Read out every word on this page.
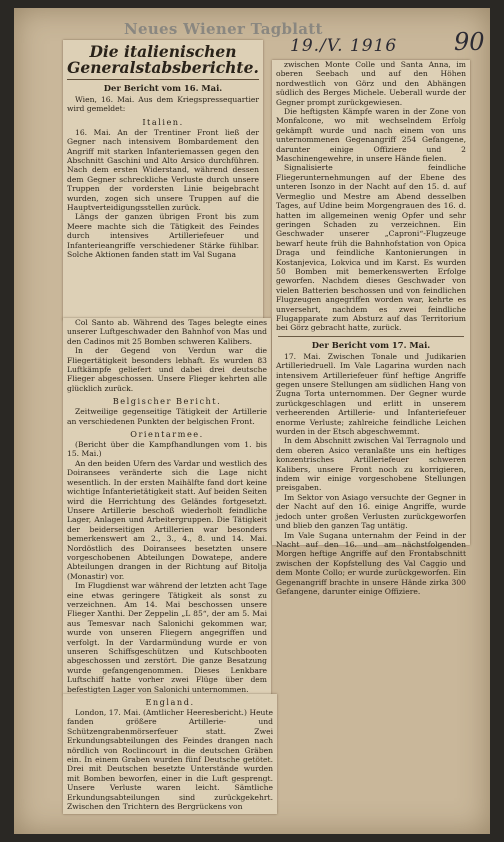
Neues Wiener Tagblatt
19./V. 1916 90
Die italienischen Generalstabsberichte.
Der Bericht vom 16. Mai.

Wien, 16. Mai. Aus dem Kriegspressequartier wird gemeldet:

Italien.

16. Mai. An der Trentiner Front ließ der Gegner nach intensivem Bombardement den Angriff mit starken Infanteriemassen gegen den Abschnitt Gaschini und Alto Arsico durchführen. Nach dem ersten Widerstand, während dessen dem Gegner schreckliche Verluste durch unsere Truppen der vordersten Linie beigebracht wurden, zogen sich unsere Truppen auf die Hauptverteidigungsstellen zurück.

Längs der ganzen übrigen Front bis zum Meere machte sich die Tätigkeit des Feindes durch intensives Artilleriefeuer und Infanterieangriffe verschiedener Stärke fühlbar. Solche Aktionen fanden statt im Val Sugana

Col Santo ab. Während des Tages belegte eines unserer Luftgeschwader den Bahnhof von Mas und den Cadinos mit 25 Bomben schweren Kalibers.

In der Gegend von Verdun war die Fliegertätigkeit besonders lebhaft. Es wurden 83 Luftkämpfe geliefert und dabei drei deutsche Flieger abgeschossen. Unsere Flieger kehrten alle glücklich zurück.

Belgischer Bericht.

Zeitweilige gegenseitige Tätigkeit der Artillerie an verschiedenen Punkten der belgischen Front.

Orientarmee.

(Bericht über die Kampfhandlungen vom 1. bis 15. Mai.)

An den beiden Ufern des Vardar und westlich des Doiransees veränderte sich die Lage nicht wesentlich. In der ersten Maihälfte fand dort keine wichtige Infanterietätigkeit statt. Auf beiden Seiten wird die Herrichtung des Geländes fortgesetzt. Unsere Artillerie beschoß wiederholt feindliche Lager, Anlagen und Arbeitergruppen. Die Tätigkeit der beiderseitigen Artillerien war besonders bemerkenswert am 2., 3., 4., 8. und 14. Mai. Nordöstlich des Doiransees besetzten unsere vorgeschobenen Abteilungen Dowatepe, andere Abteilungen drangen in der Richtung auf Bitolja (Monastir) vor.

Im Flugdienst war während der letzten acht Tage eine etwas geringere Tätigkeit als sonst zu verzeichnen. Am 14. Mai beschossen unsere Flieger Xanthi. Der Zeppelin „L 85“, der am 5. Mai aus Temesvar nach Salonichi gekommen war, wurde von unseren Fliegern angegriffen und verfolgt. In der Vardarmündung wurde er von unseren Schiffsgeschützen und Kutschbooten abgeschossen und zerstört. Die ganze Besatzung wurde gefangengenommen. Dieses Lenkbare Luftschiff hatte vorher zwei Flüge über dem befestigten Lager von Salonichi unternommen.

England.

London, 17. Mai. (Amtlicher Heeresbericht.) Heute fanden größere Artillerie- und Schützengrabenmörserfeuer statt. Zwei Erkundungsabteilungen des Feindes drangen nach nördlich von Roclincourt in die deutschen Gräben ein. In einem Graben wurden fünf Deutsche getötet. Drei mit Deutschen besetzte Unterstände wurden mit Bomben beworfen, einer in die Luft gesprengt. Unsere Verluste waren leicht. Sämtliche Erkundungsabteilungen sind zurückgekehrt. Zwischen den Trichtern des Bergrückens von

zwischen Monte Colle und Santa Anna, im oberen Seebach und auf den Höhen nordwestlich von Görz und den Abhängen südlich des Berges Michele. Ueberall wurde der Gegner prompt zurückgewiesen.

Die heftigsten Kämpfe waren in der Zone von Monfalcone, wo mit wechselndem Erfolg gekämpft wurde und nach einem von uns unternommenen Gegenangriff 254 Gefangene, darunter einige Offiziere und 2 Maschinengewehre, in unsere Hände fielen.

Signalisierte feindliche Fliegerunternehmungen auf der Ebene des unteren Isonzo in der Nacht auf den 15. d. auf Vermeglio und Mestre am Abend desselben Tages, auf Udine beim Morgengrauen des 16. d. hatten im allgemeinen wenig Opfer und sehr geringen Schaden zu verzeichnen. Ein Geschwader unserer „Caproni“-Flugzeuge bewarf heute früh die Bahnhofstation von Opica Draga und feindliche Kantonierungen in Kostanjevica, Lokvica und im Karst. Es wurden 50 Bomben mit bemerkenswerten Erfolge geworfen. Nachdem dieses Geschwader von vielen Batterien beschossen und von feindlichen Flugzeugen angegriffen worden war, kehrte es unversehrt, nachdem es zwei feindliche Flugapparate zum Absturz auf das Territorium bei Görz gebracht hatte, zurück.

Der Bericht vom 17. Mai.

17. Mai. Zwischen Tonale und Judikarien Artilleriedruell. Im Vale Lagarina wurden nach intensivem Artilleriefeuer fünf heftige Angriffe gegen unsere Stellungen am südlichen Hang von Zugna Torta unternommen. Der Gegner wurde zurückgeschlagen und erlitt in unserem verheerenden Artillerie- und Infanteriefeuer enorme Verluste; zahlreiche feindliche Leichen wurden in der Etsch abgeschwemmt.

In dem Abschnitt zwischen Val Terragnolo und dem oberen Asico veranlaßte uns ein heftiges konzentrisches Artilleriefeuer schweren Kalibers, unsere Front noch zu korrigieren, indem wir einige vorgeschobene Stellungen preisgaben.

Im Sektor von Asiago versuchte der Gegner in der Nacht auf den 16. einige Angriffe, wurde jedoch unter großen Verlusten zurückgeworfen und blieb den ganzen Tag untätig.

Im Vale Sugana unternahm der Feind in der Nacht auf den 16. und am nächstfolgenden Morgen heftige Angriffe auf den Frontabschnitt zwischen der Kopfstellung des Val Caggio und dem Monte Collo; er wurde zurückgeworfen. Ein Gegenangriff brachte in unsere Hände zirka 300 Gefangene, darunter einige Offiziere.
